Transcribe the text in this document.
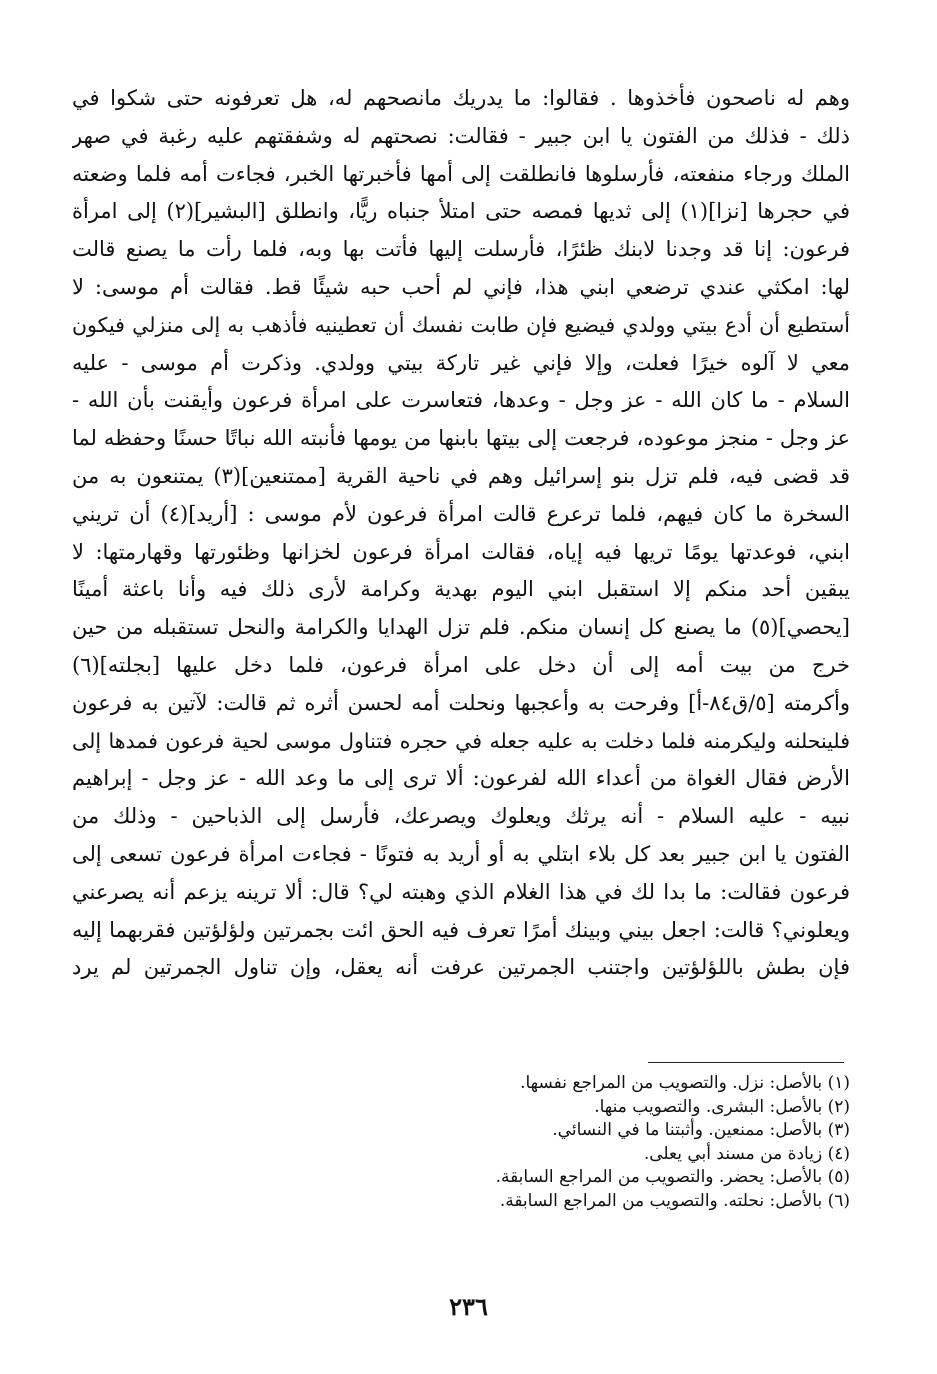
وهم له ناصحون فأخذوها . فقالوا: ما يدريك مانصحهم له، هل تعرفونه حتى شكوا في
ذلك - فذلك من الفتون يا ابن جبير - فقالت: نصحتهم له وشفقتهم عليه رغبة في صهر
الملك ورجاء منفعته، فأرسلوها فانطلقت إلى أمها فأخبرتها الخبر، فجاءت أمه فلما وضعته
في حجرها [نزا](١) إلى ثديها فمصه حتى امتلأ جنباه ريًّا، وانطلق [البشير](٢) إلى امرأة
فرعون: إنا قد وجدنا لابنك ظئرًا، فأرسلت إليها فأتت بها وبه، فلما رأت ما يصنع قالت
لها: امكثي عندي ترضعي ابني هذا، فإني لم أحب حبه شيئًا قط. فقالت أم موسى: لا
أستطيع أن أدع بيتي وولدي فيضيع فإن طابت نفسك أن تعطينيه فأذهب به إلى منزلي فيكون
معي لا آلوه خيرًا فعلت، وإلا فإني غير تاركة بيتي وولدي. وذكرت أم موسى - عليه
السلام - ما كان الله - عز وجل - وعدها، فتعاسرت على امرأة فرعون وأيقنت بأن الله -
عز وجل - منجز موعوده، فرجعت إلى بيتها بابنها من يومها فأنبته الله نباتًا حسنًا وحفظه لما
قد قضى فيه، فلم تزل بنو إسرائيل وهم في ناحية القرية [ممتنعين](٣) يمتنعون به من
السخرة ما كان فيهم، فلما ترعرع قالت امرأة فرعون لأم موسى : [أريد](٤) أن تريني
ابني، فوعدتها يومًا تريها فيه إياه، فقالت امرأة فرعون لخزانها وظئورتها وقهارمتها: لا
يبقين أحد منكم إلا استقبل ابني اليوم بهدية وكرامة لأرى ذلك فيه وأنا باعثة أمينًا
[يحصي](٥) ما يصنع كل إنسان منكم. فلم تزل الهدايا والكرامة والنحل تستقبله من حين
خرج من بيت أمه إلى أن دخل على امرأة فرعون، فلما دخل عليها [بجلته](٦)
وأكرمته [٥/ق٨٤-أ] وفرحت به وأعجبها ونحلت أمه لحسن أثره ثم قالت: لآتين به فرعون
فلينحلنه وليكرمنه فلما دخلت به عليه جعله في حجره فتناول موسى لحية فرعون فمدها إلى
الأرض فقال الغواة من أعداء الله لفرعون: ألا ترى إلى ما وعد الله - عز وجل - إبراهيم
نبيه - عليه السلام - أنه يرثك ويعلوك ويصرعك، فأرسل إلى الذباحين - وذلك من
الفتون يا ابن جبير بعد كل بلاء ابتلي به أو أريد به فتونًا - فجاءت امرأة فرعون تسعى إلى
فرعون فقالت: ما بدا لك في هذا الغلام الذي وهبته لي؟ قال: ألا ترينه يزعم أنه يصرعني
ويعلوني؟ قالت: اجعل بيني وبينك أمرًا تعرف فيه الحق ائت بجمرتين ولؤلؤتين فقربهما إليه
فإن بطش باللؤلؤتين واجتنب الجمرتين عرفت أنه يعقل، وإن تناول الجمرتين لم يرد
(١) بالأصل: نزل. والتصويب من المراجع نفسها.
(٢) بالأصل: البشرى. والتصويب منها.
(٣) بالأصل: ممنعين. وأثبتنا ما في النسائي.
(٤) زيادة من مسند أبي يعلى.
(٥) بالأصل: يحضر. والتصويب من المراجع السابقة.
(٦) بالأصل: نحلته. والتصويب من المراجع السابقة.
٢٣٦
